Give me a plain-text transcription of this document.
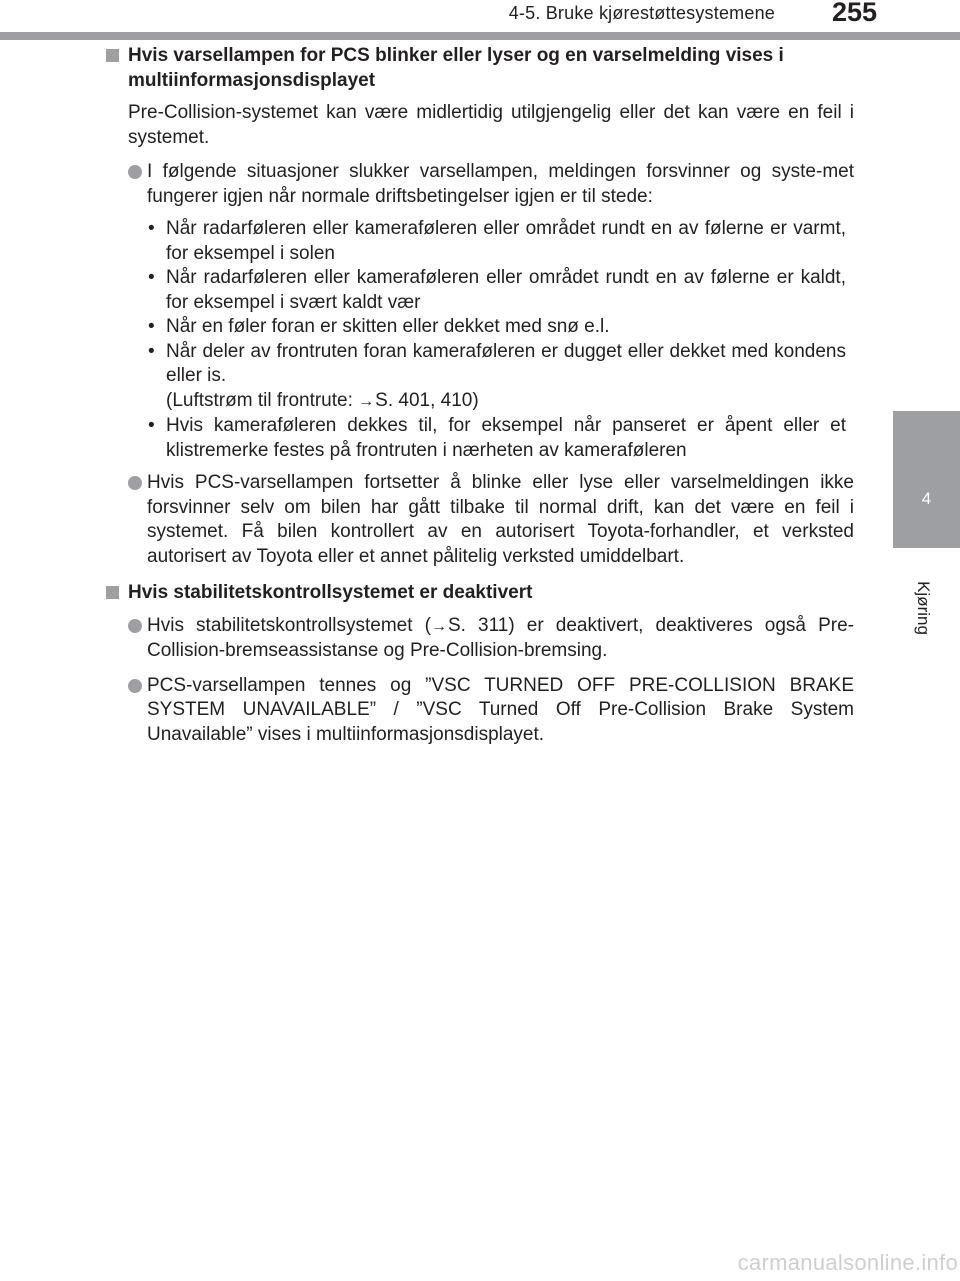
4-5. Bruke kjørestøttesystemene 255
4
Kjøring
Hvis varsellampen for PCS blinker eller lyser og en varselmelding vises i multiinformasjonsdisplayet
Pre-Collision-systemet kan være midlertidig utilgjengelig eller det kan være en feil i systemet.
I følgende situasjoner slukker varsellampen, meldingen forsvinner og syste-met fungerer igjen når normale driftsbetingelser igjen er til stede:
• Når radarføleren eller kameraføleren eller området rundt en av følerne er varmt, for eksempel i solen
• Når radarføleren eller kameraføleren eller området rundt en av følerne er kaldt, for eksempel i svært kaldt vær
• Når en føler foran er skitten eller dekket med snø e.l.
• Når deler av frontruten foran kameraføleren er dugget eller dekket med kondens eller is.
(Luftstrøm til frontrute: →S. 401, 410)
• Hvis kameraføleren dekkes til, for eksempel når panseret er åpent eller et klistremerke festes på frontruten i nærheten av kameraføleren
Hvis PCS-varsellampen fortsetter å blinke eller lyse eller varselmeldingen ikke forsvinner selv om bilen har gått tilbake til normal drift, kan det være en feil i systemet. Få bilen kontrollert av en autorisert Toyota-forhandler, et verksted autorisert av Toyota eller et annet pålitelig verksted umiddelbart.
Hvis stabilitetskontrollsystemet er deaktivert
Hvis stabilitetskontrollsystemet (→S. 311) er deaktivert, deaktiveres også Pre-Collision-bremseassistanse og Pre-Collision-bremsing.
PCS-varsellampen tennes og ”VSC TURNED OFF PRE-COLLISION BRAKE SYSTEM UNAVAILABLE” / ”VSC Turned Off Pre-Collision Brake System Unavailable” vises i multiinformasjonsdisplayet.
carmanualsonline.info
